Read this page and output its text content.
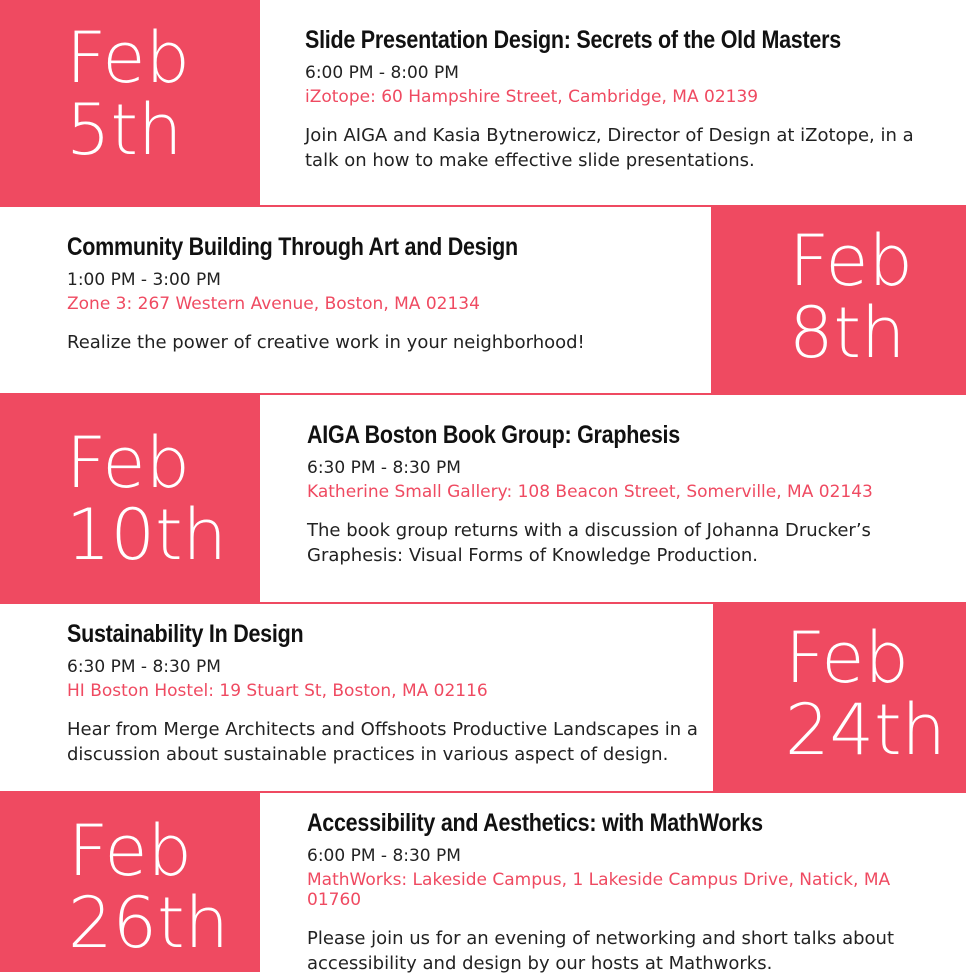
Feb
5th
Slide Presentation Design: Secrets of the Old Masters
6:00 PM - 8:00 PM
iZotope: 60 Hampshire Street, Cambridge, MA 02139
Join AIGA and Kasia Bytnerowicz, Director of Design at iZotope, in a talk on how to make effective slide presentations.
Community Building Through Art and Design
1:00 PM - 3:00 PM
Zone 3: 267 Western Avenue, Boston, MA 02134
Realize the power of creative work in your neighborhood!
Feb
8th
Feb
10th
AIGA Boston Book Group: Graphesis
6:30 PM - 8:30 PM
Katherine Small Gallery: 108 Beacon Street, Somerville, MA 02143
The book group returns with a discussion of Johanna Drucker’s Graphesis: Visual Forms of Knowledge Production.
Sustainability In Design
6:30 PM - 8:30 PM
HI Boston Hostel: 19 Stuart St, Boston, MA 02116
Hear from Merge Architects and Offshoots Productive Landscapes in a discussion about sustainable practices in various aspect of design.
Feb
24th
Feb
26th
Accessibility and Aesthetics: with MathWorks
6:00 PM - 8:30 PM
MathWorks: Lakeside Campus, 1 Lakeside Campus Drive, Natick, MA 01760
Please join us for an evening of networking and short talks about accessibility and design by our hosts at Mathworks.
